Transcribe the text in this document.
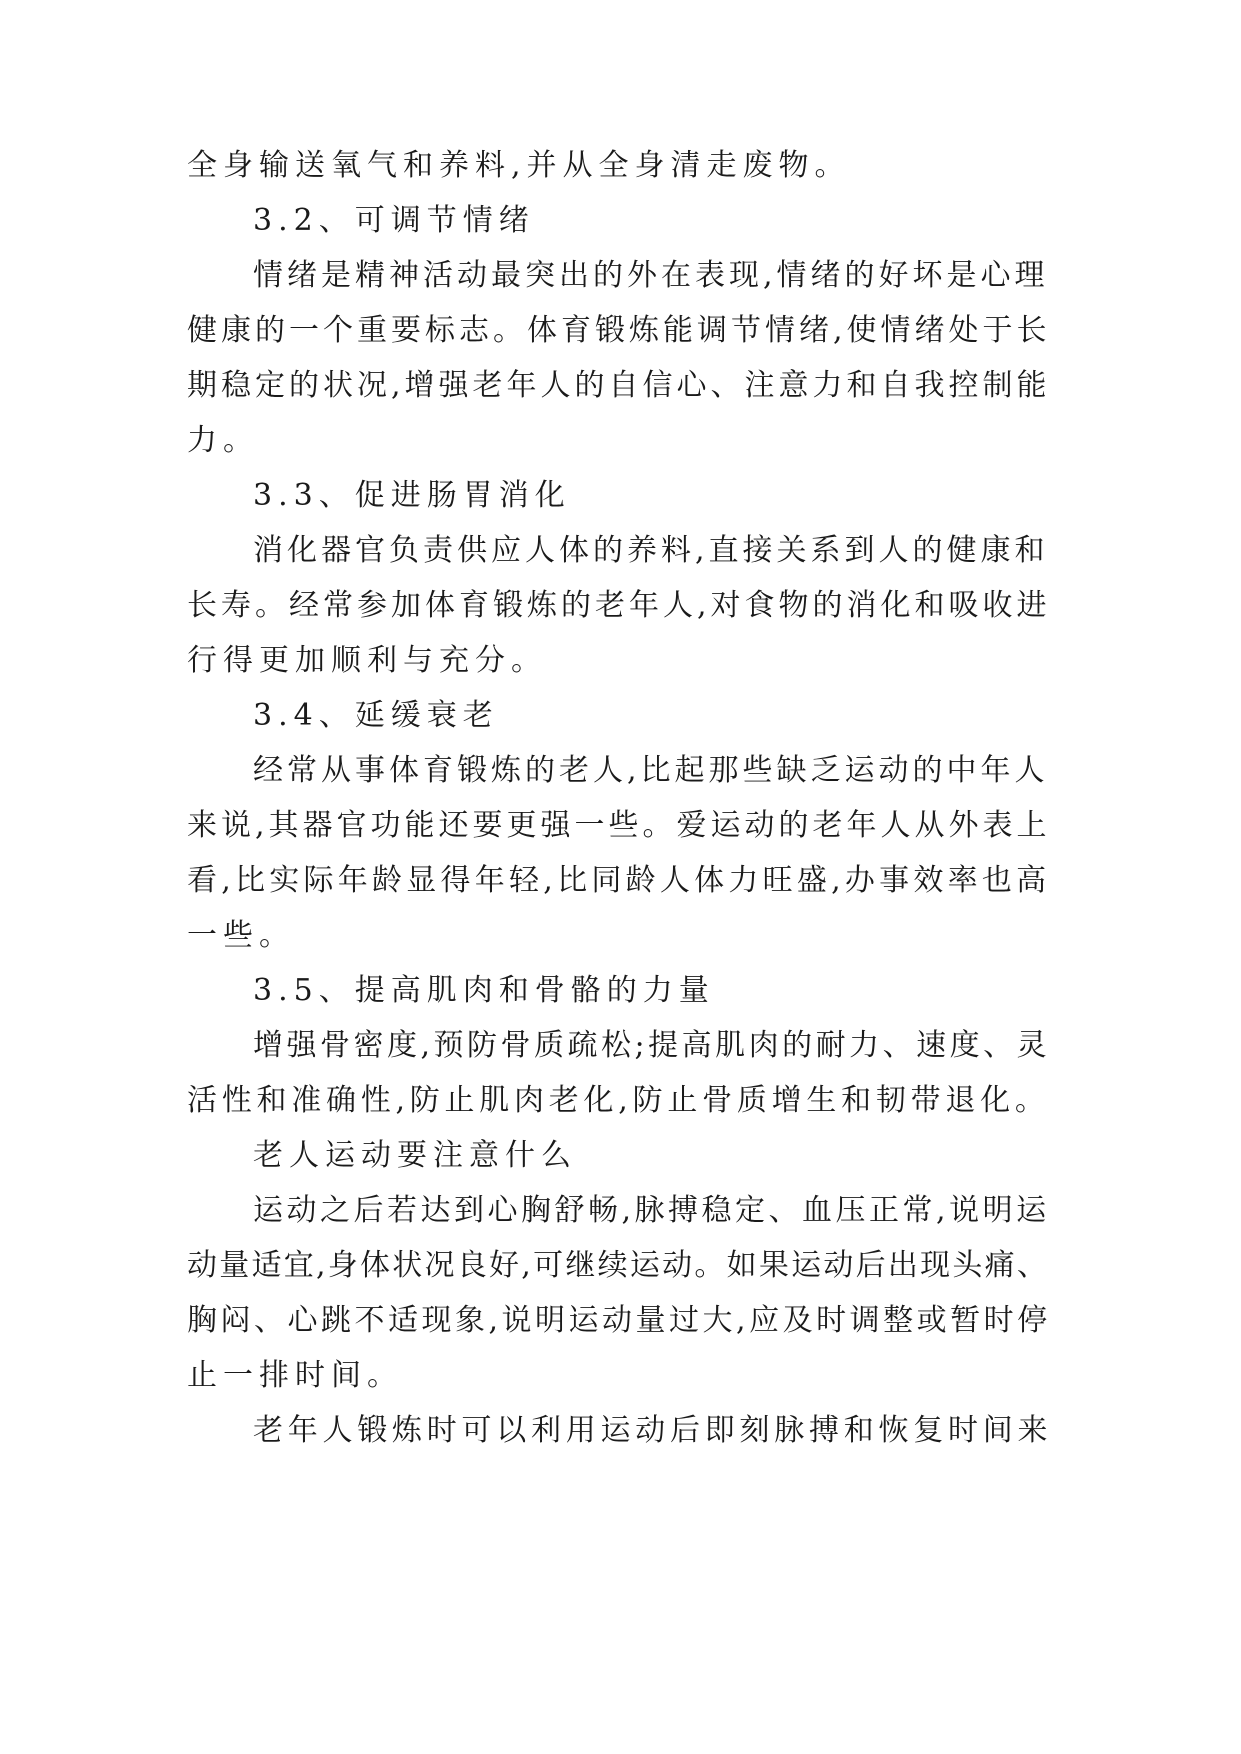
全身输送氧气和养料,并从全身清走废物。
3.2、可调节情绪
情绪是精神活动最突出的外在表现,情绪的好坏是心理
健康的一个重要标志。体育锻炼能调节情绪,使情绪处于长
期稳定的状况,增强老年人的自信心、注意力和自我控制能
力。
3.3、促进肠胃消化
消化器官负责供应人体的养料,直接关系到人的健康和
长寿。经常参加体育锻炼的老年人,对食物的消化和吸收进
行得更加顺利与充分。
3.4、延缓衰老
经常从事体育锻炼的老人,比起那些缺乏运动的中年人
来说,其器官功能还要更强一些。爱运动的老年人从外表上
看,比实际年龄显得年轻,比同龄人体力旺盛,办事效率也高
一些。
3.5、提高肌肉和骨骼的力量
增强骨密度,预防骨质疏松;提高肌肉的耐力、速度、灵
活性和准确性,防止肌肉老化,防止骨质增生和韧带退化。
老人运动要注意什么
运动之后若达到心胸舒畅,脉搏稳定、血压正常,说明运
动量适宜,身体状况良好,可继续运动。如果运动后出现头痛、
胸闷、心跳不适现象,说明运动量过大,应及时调整或暂时停
止一排时间。
老年人锻炼时可以利用运动后即刻脉搏和恢复时间来
